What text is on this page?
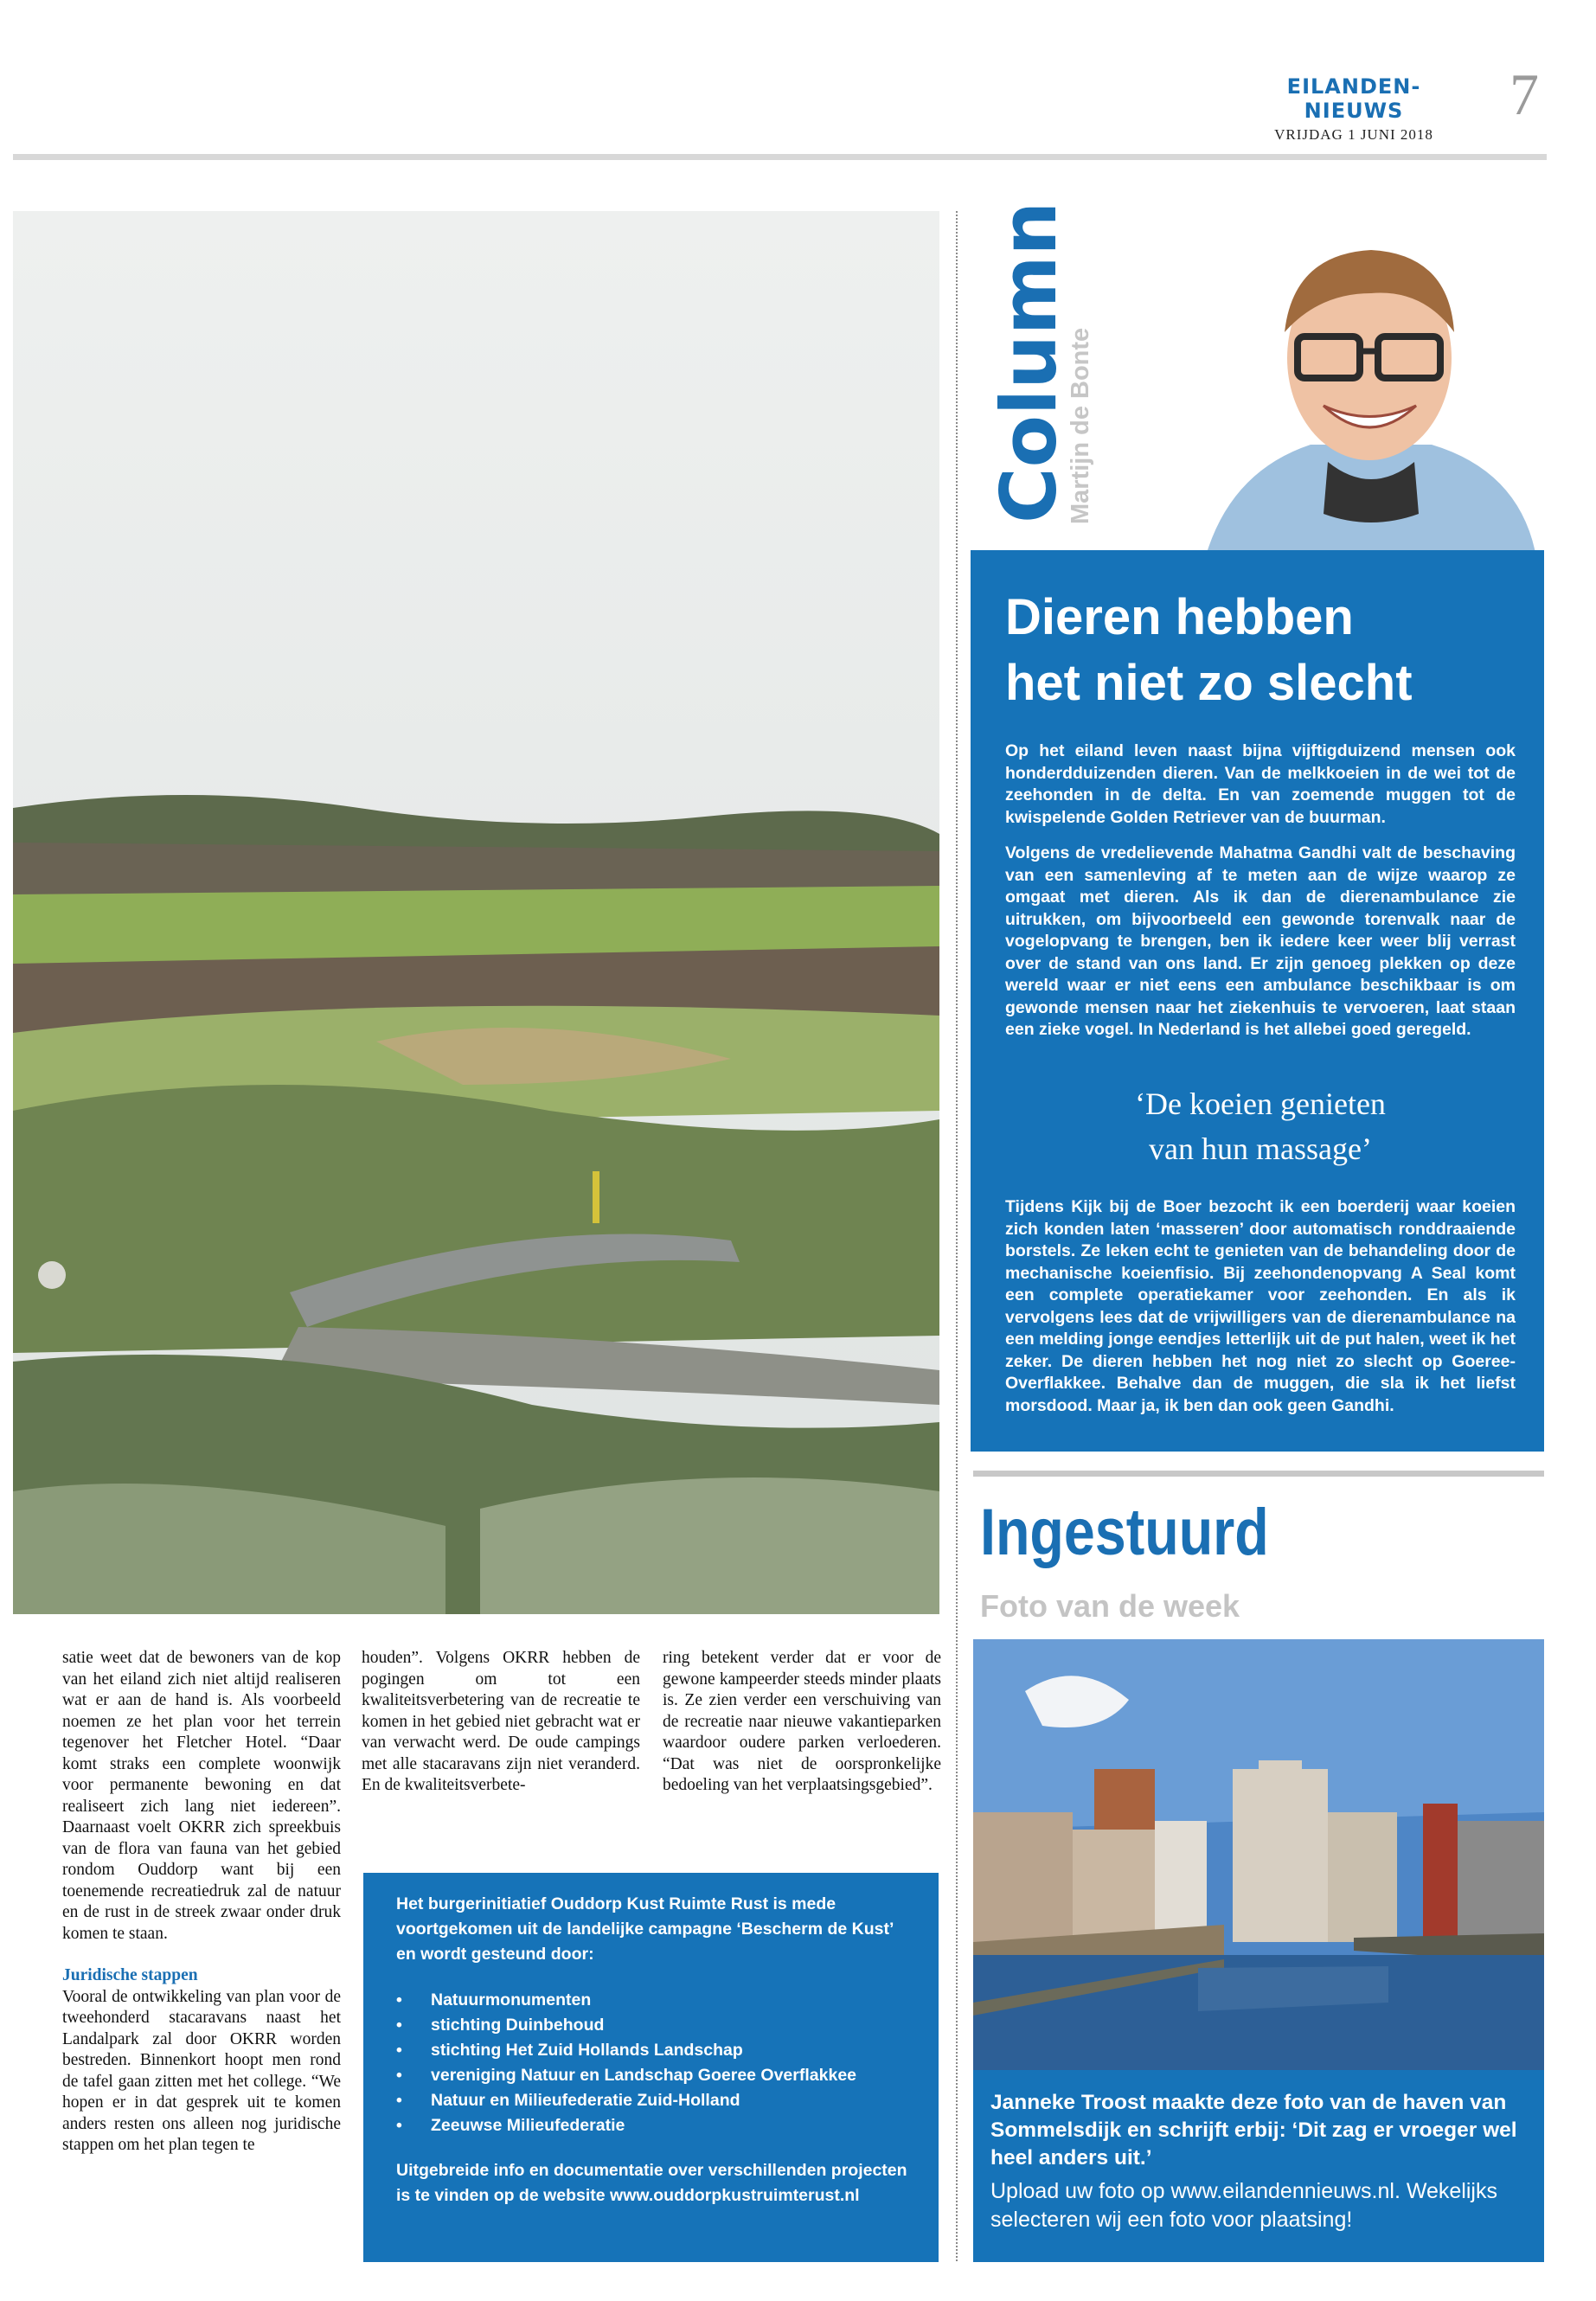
EILANDEN-NIEUWS
VRIJDAG 1 JUNI 2018
7
Column
Martijn de Bonte
Dieren hebben
het niet zo slecht
Op het eiland leven naast bijna vijftigduizend mensen ook honderdduizenden dieren. Van de melkkoeien in de wei tot de zeehonden in de delta. En van zoemende muggen tot de kwispelende Golden Retriever van de buurman.
Volgens de vredelievende Mahatma Gandhi valt de beschaving van een samenleving af te meten aan de wijze waarop ze omgaat met dieren. Als ik dan de dierenambulance zie uitrukken, om bijvoorbeeld een gewonde torenvalk naar de vogelopvang te brengen, ben ik iedere keer weer blij verrast over de stand van ons land. Er zijn genoeg plekken op deze wereld waar er niet eens een ambulance beschikbaar is om gewonde mensen naar het ziekenhuis te vervoeren, laat staan een zieke vogel. In Nederland is het allebei goed geregeld.
‘De koeien genieten
van hun massage’
Tijdens Kijk bij de Boer bezocht ik een boerderij waar koeien zich konden laten ‘masseren’ door automatisch ronddraaiende borstels. Ze leken echt te genieten van de behandeling door de mechanische koeienfisio. Bij zeehondenopvang A Seal komt een complete operatiekamer voor zeehonden. En als ik vervolgens lees dat de vrijwilligers van de dierenambulance na een melding jonge eendjes letterlijk uit de put halen, weet ik het zeker. De dieren hebben het nog niet zo slecht op Goeree-Overflakkee. Behalve dan de muggen, die sla ik het liefst morsdood. Maar ja, ik ben dan ook geen Gandhi.
Ingestuurd
Foto van de week
Janneke Troost maakte deze foto van de haven van Sommelsdijk en schrijft erbij: ‘Dit zag er vroeger wel heel anders uit.’
Upload uw foto op www.eilandennieuws.nl. Wekelijks selecteren wij een foto voor plaatsing!
satie weet dat de bewoners van de kop van het eiland zich niet altijd realiseren wat er aan de hand is. Als voorbeeld noemen ze het plan voor het terrein tegenover het Fletcher Hotel. “Daar komt straks een complete woonwijk voor permanente bewoning en dat realiseert zich lang niet iedereen”. Daarnaast voelt OKRR zich spreekbuis van de flora van fauna van het gebied rondom Ouddorp want bij een toenemende recreatiedruk zal de natuur en de rust in de streek zwaar onder druk komen te staan.
Juridische stappen
Vooral de ontwikkeling van plan voor de tweehonderd stacaravans naast het Landalpark zal door OKRR worden bestreden. Binnenkort hoopt men rond de tafel gaan zitten met het college. “We hopen er in dat gesprek uit te komen anders resten ons alleen nog juridische stappen om het plan tegen te
houden”. Volgens OKRR hebben de pogingen om tot een kwaliteitsverbetering van de recreatie te komen in het gebied niet gebracht wat er van verwacht werd. De oude campings met alle stacaravans zijn niet veranderd. En de kwaliteitsverbete-
ring betekent verder dat er voor de gewone kampeerder steeds minder plaats is. Ze zien verder een verschuiving van de recreatie naar nieuwe vakantieparken waardoor oudere parken verloederen. “Dat was niet de oorspronkelijke bedoeling van het verplaatsingsgebied”.
Het burgerinitiatief Ouddorp Kust Ruimte Rust is mede voortgekomen uit de landelijke campagne ‘Bescherm de Kust’ en wordt gesteund door:
• Natuurmonumenten
• stichting Duinbehoud
• stichting Het Zuid Hollands Landschap
• vereniging Natuur en Landschap Goeree Overflakkee
• Natuur en Milieufederatie Zuid-Holland
• Zeeuwse Milieufederatie
Uitgebreide info en documentatie over verschillenden projecten is te vinden op de website www.ouddorpkustruimterust.nl
